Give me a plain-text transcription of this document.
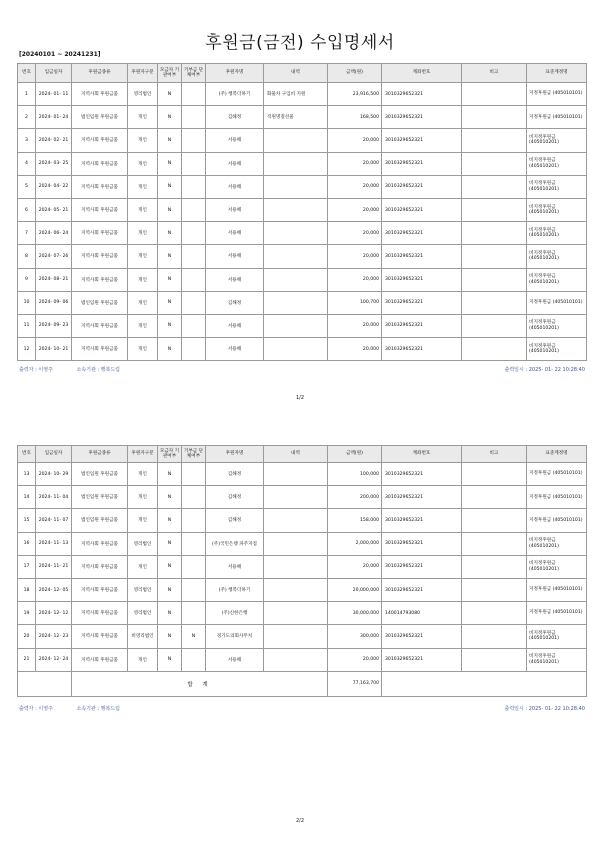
후원금(금전) 수입명세서
[20240101 ~ 20241231]
번호	입금일자	후원금종류	후원자구분	모금자 기관여부	기부금 단체여부	후원자명	내역	금액(원)	계좌번호	비고	표준계정명
1	2024- 01- 11	지역사회 후원금품	영리법인	N		(주) 행복더하기	화물차 구입비 지원	23,916,500	3010329652321		지정후원금 (405010101)
2	2024- 01- 24	법인임원 후원금품	개인	N		김해정	직원명절선물	168,500	3010329652321		지정후원금 (405010101)
3	2024- 02- 21	지역사회 후원금품	개인	N		서용해		20,000	3010329652321		비지정후원금 (405010201)
4	2024- 03- 25	지역사회 후원금품	개인	N		서용해		20,000	3010329652321		비지정후원금 (405010201)
5	2024- 04- 22	지역사회 후원금품	개인	N		서용해		20,000	3010329652321		비지정후원금 (405010201)
6	2024- 05- 21	지역사회 후원금품	개인	N		서용해		20,000	3010329652321		비지정후원금 (405010201)
7	2024- 06- 24	지역사회 후원금품	개인	N		서용해		20,000	3010329652321		비지정후원금 (405010201)
8	2024- 07- 26	지역사회 후원금품	개인	N		서용해		20,000	3010329652321		비지정후원금 (405010201)
9	2024- 08- 21	지역사회 후원금품	개인	N		서용해		20,000	3010329652321		비지정후원금 (405010201)
10	2024- 09- 06	법인임원 후원금품	개인	N		김해정		100,700	3010329652321		지정후원금 (405010101)
11	2024- 09- 23	지역사회 후원금품	개인	N		서용해		20,000	3010329652321		비지정후원금 (405010201)
12	2024- 10- 21	지역사회 후원금품	개인	N		서용해		20,000	3010329652321		비지정후원금 (405010201)
출력자 : 이영주	소속기관 : 행복드림	출력일시 : 2025- 01- 22 10:28:40
1/2
번호	입금일자	후원금종류	후원자구분	모금자 기관여부	기부금 단체여부	후원자명	내역	금액(원)	계좌번호	비고	표준계정명
13	2024- 10- 29	법인임원 후원금품	개인	N		김해정		100,000	3010329652321		지정후원금 (405010101)
14	2024- 11- 04	법인임원 후원금품	개인	N		김해정		200,000	3010329652321		지정후원금 (405010101)
15	2024- 11- 07	법인임원 후원금품	개인	N		김해정		158,000	3010329652321		지정후원금 (405010101)
16	2024- 11- 13	지역사회 후원금품	영리법인	N		(주)국민은행 파주지점		2,000,000	3010329652321		비지정후원금 (405010201)
17	2024- 11- 21	지역사회 후원금품	개인	N		서용해		20,000	3010329652321		비지정후원금 (405010201)
18	2024- 12- 05	지역사회 후원금품	영리법인	N		(주) 행복더하기		20,000,000	3010329652321		지정후원금 (405010101)
19	2024- 12- 12	지역사회 후원금품	영리법인	N		(주)신한은행		30,000,000	140014793080		지정후원금 (405010101)
20	2024- 12- 23	지역사회 후원금품	비영리법인	N	N	경기도의회사무처		300,000	3010329652321		비지정후원금 (405010201)
21	2024- 12- 24	지역사회 후원금품	개인	N		서용해		20,000	3010329652321		비지정후원금 (405010201)
		합 계						77,163,700			
출력자 : 이영주	소속기관 : 행복드림	출력일시 : 2025- 01- 22 10:28:40
2/2
